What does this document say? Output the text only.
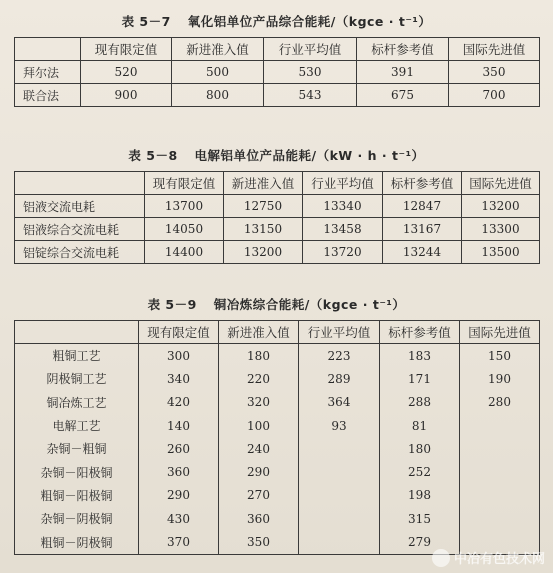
表 5－7 氧化铝单位产品综合能耗/（kgce · t⁻¹）
	现有限定值	新进准入值	行业平均值	标杆参考值	国际先进值
拜尔法	520	500	530	391	350
联合法	900	800	543	675	700
表 5－8 电解铝单位产品能耗/（kW · h · t⁻¹）
	现有限定值	新进准入值	行业平均值	标杆参考值	国际先进值
铝液交流电耗	13700	12750	13340	12847	13200
铝液综合交流电耗	14050	13150	13458	13167	13300
铝锭综合交流电耗	14400	13200	13720	13244	13500
表 5－9 铜冶炼综合能耗/（kgce · t⁻¹）
	现有限定值	新进准入值	行业平均值	标杆参考值	国际先进值
粗铜工艺	300	180	223	183	150
阴极铜工艺	340	220	289	171	190
铜冶炼工艺	420	320	364	288	280
电解工艺	140	100	93	81	
杂铜－粗铜	260	240		180	
杂铜－阳极铜	360	290		252	
粗铜－阳极铜	290	270		198	
杂铜－阴极铜	430	360		315	
粗铜－阴极铜	370	350		279	
中冶有色技术网
